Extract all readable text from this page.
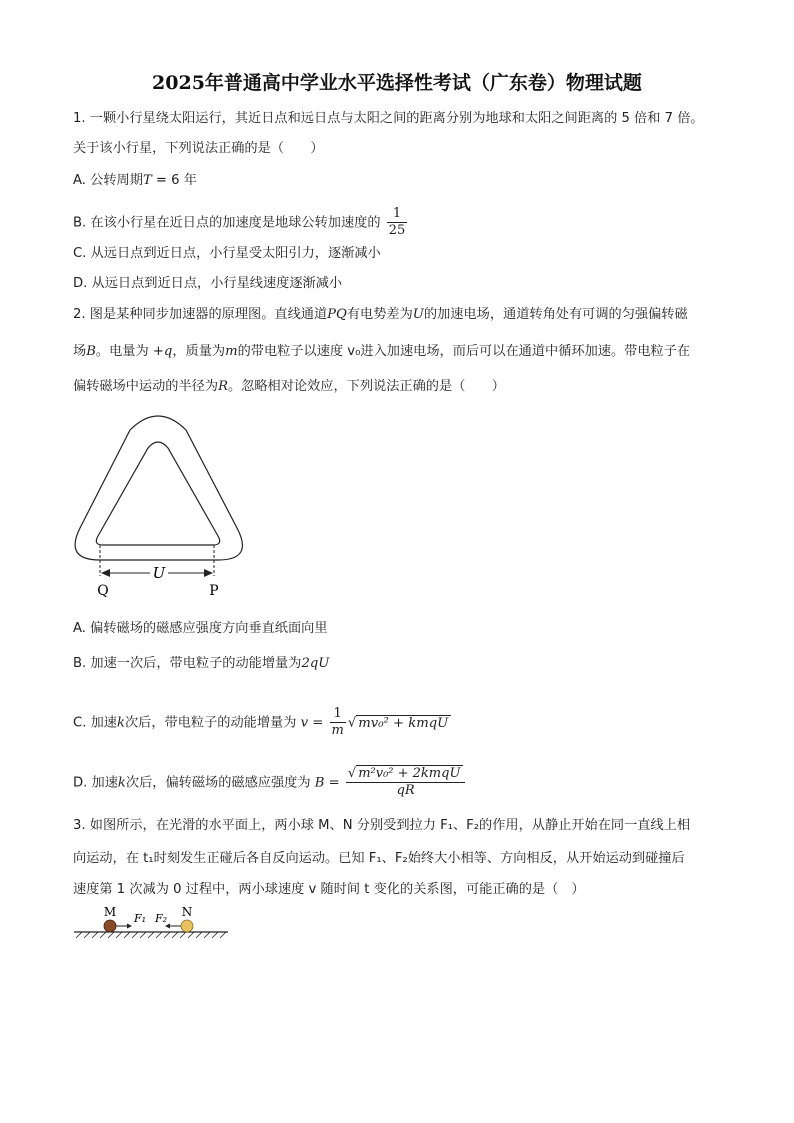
2025年普通高中学业水平选择性考试（广东卷）物理试题
1. 一颗小行星绕太阳运行，其近日点和远日点与太阳之间的距离分别为地球和太阳之间距离的 5 倍和 7 倍。
关于该小行星，下列说法正确的是（　　）
A. 公转周期T = 6 年
B. 在该小行星在近日点的加速度是地球公转加速度的 $\frac{1}{25}$
C. 从远日点到近日点，小行星受太阳引力，逐渐减小
D. 从远日点到近日点，小行星线速度逐渐减小
2. 图是某种同步加速器的原理图。直线通道PQ有电势差为U的加速电场，通道转角处有可调的匀强偏转磁
场B。电量为 +q，质量为m的带电粒子以速度 v₀进入加速电场，而后可以在通道中循环加速。带电粒子在
偏转磁场中运动的半径为R。忽略相对论效应，下列说法正确的是（　　）
U
Q	P
A. 偏转磁场的磁感应强度方向垂直纸面向里
B. 加速一次后，带电粒子的动能增量为2qU
C. 加速k次后，带电粒子的动能增量为 $v = \frac{1}{m}$ √ mv₀² + kmqU
D. 加速k次后，偏转磁场的磁感应强度为 $B = \frac{\text{√ m²v₀² + 2kmqU}}{qR}$
3. 如图所示，在光滑的水平面上，两小球 M、N 分别受到拉力 F₁、F₂的作用，从静止开始在同一直线上相
向运动，在 t₁时刻发生正碰后各自反向运动。已知 F₁、F₂始终大小相等、方向相反，从开始运动到碰撞后
速度第 1 次减为 0 过程中，两小球速度 v 随时间 t 变化的关系图，可能正确的是（　）
M	N
F₁ F₂
